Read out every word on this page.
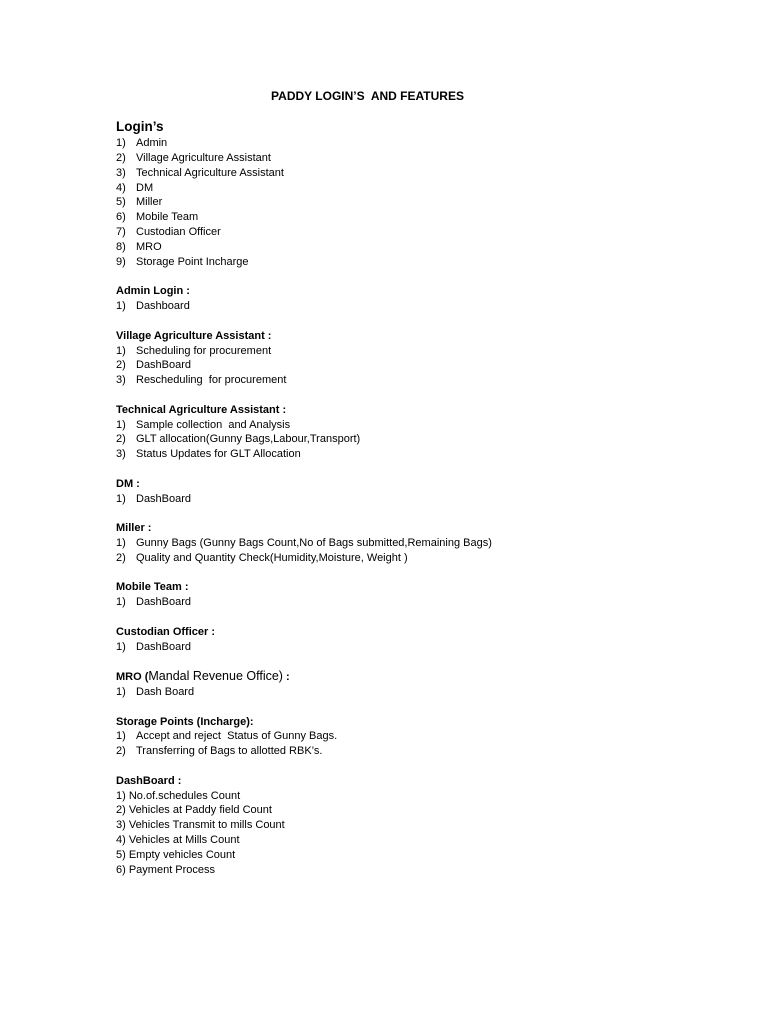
PADDY LOGIN’S  AND FEATURES
Login’s
1) Admin
2) Village Agriculture Assistant
3) Technical Agriculture Assistant
4) DM
5) Miller
6) Mobile Team
7) Custodian Officer
8) MRO
9) Storage Point Incharge
Admin Login :
1) Dashboard
Village Agriculture Assistant :
1) Scheduling for procurement
2) DashBoard
3) Rescheduling  for procurement
Technical Agriculture Assistant :
1) Sample collection  and Analysis
2) GLT allocation(Gunny Bags,Labour,Transport)
3) Status Updates for GLT Allocation
DM :
1) DashBoard
Miller :
1) Gunny Bags (Gunny Bags Count,No of Bags submitted,Remaining Bags)
2) Quality and Quantity Check(Humidity,Moisture, Weight )
Mobile Team :
1) DashBoard
Custodian Officer :
1) DashBoard
MRO (Mandal Revenue Office) :
1) Dash Board
Storage Points (Incharge):
1) Accept and reject  Status of Gunny Bags.
2) Transferring of Bags to allotted RBK’s.
DashBoard :
1) No.of.schedules Count
2) Vehicles at Paddy field Count
3) Vehicles Transmit to mills Count
4) Vehicles at Mills Count
5) Empty vehicles Count
6) Payment Process
